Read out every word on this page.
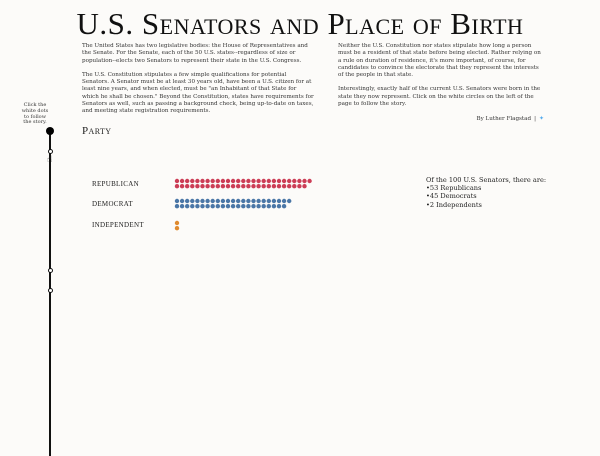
U.S. Senators and Place of Birth

The United States has two legislative bodies: the House of Representatives and the Senate. For the Senate, each of the 50 U.S. states--regardless of size or population--elects two Senators to represent their state in the U.S. Congress.

The U.S. Constitution stipulates a few simple qualifications for potential Senators. A Senator must be at least 30 years old, have been a U.S. citizen for at least nine years, and when elected, must be "an Inhabitant of that State for which he shall be chosen." Beyond the Constitution, states have requirements for Senators as well, such as passing a background check, being up-to-date on taxes, and meeting state registration requirements.

Neither the U.S. Constitution nor states stipulate how long a person must be a resident of that state before being elected. Rather relying on a rule on duration of residence, it's more important, of course, for candidates to convince the electorate that they represent the interests of the people in that state.

Interestingly, exactly half of the current U.S. Senators were born in the state they now represent. Click on the white circles on the left of the page to follow the story.

By Luther Flagstad | ✦
Click the white dots to follow the story.
☝
Party
REPUBLICAN
DEMOCRAT
INDEPENDENT
Of the 100 U.S. Senators, there are:
• 53 Republicans
• 45 Democrats
• 2 Independents
